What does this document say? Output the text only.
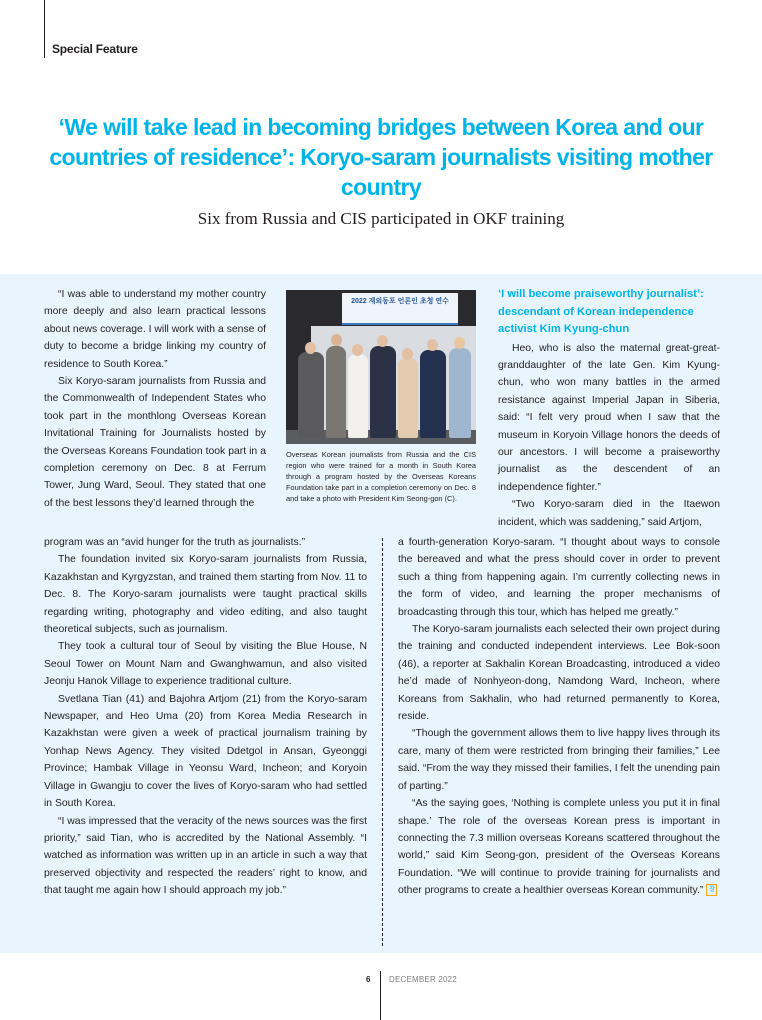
Special Feature
‘We will take lead in becoming bridges between Korea and our countries of residence’: Koryo-saram journalists visiting mother country
Six from Russia and CIS participated in OKF training

“I was able to understand my mother country more deeply and also learn practical lessons about news coverage. I will work with a sense of duty to become a bridge linking my country of residence to South Korea.”

Six Koryo-saram journalists from Russia and the Commonwealth of Independent States who took part in the monthlong Overseas Korean Invitational Training for Journalists hosted by the Overseas Koreans Foundation took part in a completion ceremony on Dec. 8 at Ferrum Tower, Jung Ward, Seoul. They stated that one of the best lessons they’d learned through the

2022 재외동포 언론인 초청 연수
Overseas Korean journalists from Russia and the CIS region who were trained for a month in South Korea through a program hosted by the Overseas Koreans Foundation take part in a completion ceremony on Dec. 8 and take a photo with President Kim Seong-gon (C).

‘I will become praiseworthy journalist’: descendant of Korean independence activist Kim Kyung-chun

Heo, who is also the maternal great-great-granddaughter of the late Gen. Kim Kyung-chun, who won many battles in the armed resistance against Imperial Japan in Siberia, said: “I felt very proud when I saw that the museum in Koryoin Village honors the deeds of our ancestors. I will become a praiseworthy journalist as the descendent of an independence fighter.”

“Two Koryo-saram died in the Itaewon incident, which was saddening,” said Artjom,

program was an “avid hunger for the truth as journalists.”

The foundation invited six Koryo-saram journalists from Russia, Kazakhstan and Kyrgyzstan, and trained them starting from Nov. 11 to Dec. 8. The Koryo-saram journalists were taught practical skills regarding writing, photography and video editing, and also taught theoretical subjects, such as journalism.

They took a cultural tour of Seoul by visiting the Blue House, N Seoul Tower on Mount Nam and Gwanghwamun, and also visited Jeonju Hanok Village to experience traditional culture.

Svetlana Tian (41) and Bajohra Artjom (21) from the Koryo-saram Newspaper, and Heo Uma (20) from Korea Media Research in Kazakhstan were given a week of practical journalism training by Yonhap News Agency. They visited Ddetgol in Ansan, Gyeonggi Province; Hambak Village in Yeonsu Ward, Incheon; and Koryoin Village in Gwangju to cover the lives of Koryo-saram who had settled in South Korea.

“I was impressed that the veracity of the news sources was the first priority,” said Tian, who is accredited by the National Assembly. “I watched as information was written up in an article in such a way that preserved objectivity and respected the readers’ right to know, and that taught me again how I should approach my job.”

a fourth-generation Koryo-saram. “I thought about ways to console the bereaved and what the press should cover in order to prevent such a thing from happening again. I’m currently collecting news in the form of video, and learning the proper mechanisms of broadcasting through this tour, which has helped me greatly.”

The Koryo-saram journalists each selected their own project during the training and conducted independent interviews. Lee Bok-soon (46), a reporter at Sakhalin Korean Broadcasting, introduced a video he’d made of Nonhyeon-dong, Namdong Ward, Incheon, where Koreans from Sakhalin, who had returned permanently to Korea, reside.

“Though the government allows them to live happy lives through its care, many of them were restricted from bringing their families,” Lee said. “From the way they missed their families, I felt the unending pain of parting.”

“As the saying goes, ‘Nothing is complete unless you put it in final shape.’ The role of the overseas Korean press is important in connecting the 7.3 million overseas Koreans scattered throughout the world,” said Kim Seong-gon, president of the Overseas Koreans Foundation. “We will continue to provide training for journalists and other programs to create a healthier overseas Korean community.” 창

6 DECEMBER 2022
